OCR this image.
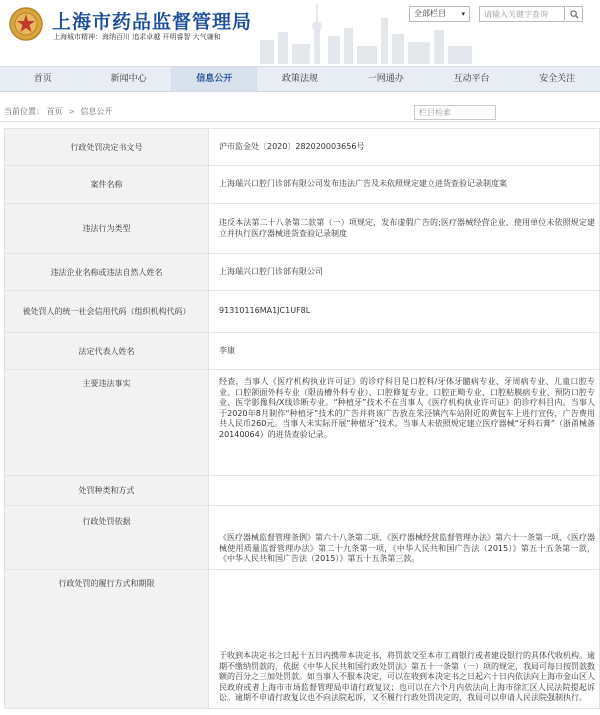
上海市药品监督管理局
上海城市精神：海纳百川 追求卓越 开明睿智 大气谦和
全部栏目 ▾
请输入关键字查询
首页	新闻中心	信息公开	政策法规	一网通办	互动平台	安全关注
当前位置： 首页 > 信息公开	栏目检索
行政处罚决定书文号	沪市监金处〔2020〕282020003656号
案件名称	上海瑞兴口腔门诊部有限公司发布违法广告及未依照规定建立进货查验记录制度案
违法行为类型	违反本法第二十八条第二款第（一）项规定，发布虚假广告的;医疗器械经营企业、使用单位未依照规定建立并执行医疗器械进货查验记录制度
违法企业名称或违法自然人姓名	上海瑞兴口腔门诊部有限公司
被处罚人的统一社会信用代码（组织机构代码）	91310116MA1JC1UF8L
法定代表人姓名	李康
主要违法事实	经查，当事人《医疗机构执业许可证》的诊疗科目是口腔科/牙体牙髓病专业、牙周病专业、儿童口腔专业、口腔颌面外科专业（限齿槽外科专业）、口腔修复专业、口腔正畸专业、口腔粘膜病专业、预防口腔专业、医学影像科/X线诊断专业。“种植牙”技术不在当事人《医疗机构执业许可证》的诊疗科目内。当事人于2020年8月制作“种植牙”技术的广告并将该广告放在朱泾镇汽车站附近的黄包车上进行宣传，广告费用共人民币260元。当事人未实际开展“种植牙”技术。当事人未依照规定建立医疗器械“牙科石膏”（浙甬械备20140064）的进货查验记录。
处罚种类和方式	
行政处罚依据	《医疗器械监督管理条例》第六十八条第二项、《医疗器械经营监督管理办法》第六十一条第一项、《医疗器械使用质量监督管理办法》第二十九条第一项，《中华人民共和国广告法（2015）》第五十五条第一款，《中华人民共和国广告法（2015）》第五十五条第三款。
行政处罚的履行方式和期限	于收到本决定书之日起十五日内携带本决定书，将罚款交至本市工商银行或者建设银行的具体代收机构。逾期不缴纳罚款的，依据《中华人民共和国行政处罚法》第五十一条第（一）项的规定，我局可每日按罚款数额的百分之三加处罚款。如当事人不服本决定，可以在收到本决定书之日起六十日内依法向上海市金山区人民政府或者上海市市场监督管理局申请行政复议；也可以在六个月内依法向上海市徐汇区人民法院提起诉讼。逾期不申请行政复议也不向法院起诉，又不履行行政处罚决定的，我局可以申请人民法院强制执行。
